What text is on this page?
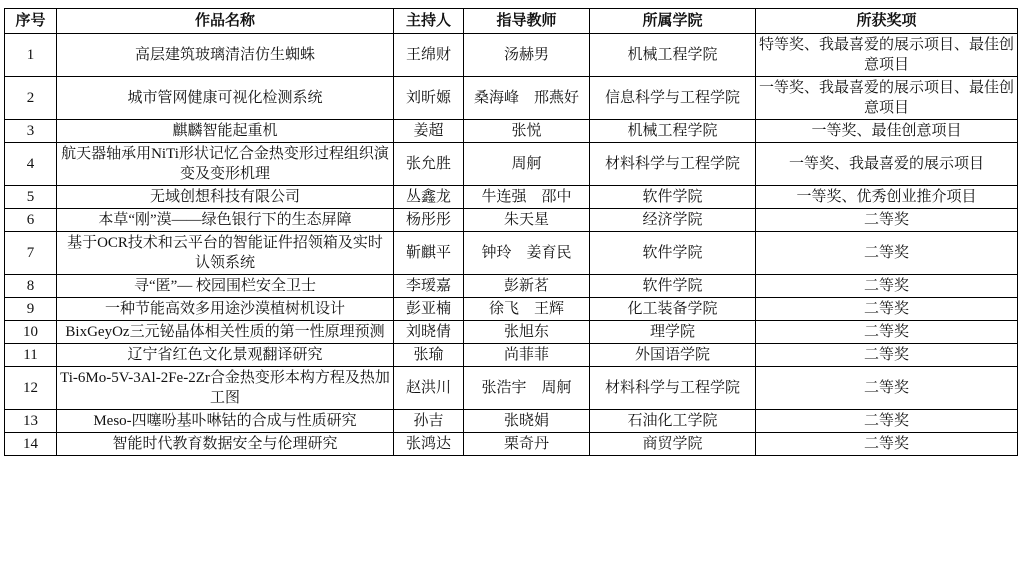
序号	作品名称	主持人	指导教师	所属学院	所获奖项
1	高层建筑玻璃清洁仿生蜘蛛	王绵财	汤赫男	机械工程学院	特等奖、我最喜爱的展示项目、最佳创意项目
2	城市管网健康可视化检测系统	刘昕嫄	桑海峰　邢燕好	信息科学与工程学院	一等奖、我最喜爱的展示项目、最佳创意项目
3	麒麟智能起重机	姜超	张悦	机械工程学院	一等奖、最佳创意项目
4	航天器轴承用NiTi形状记忆合金热变形过程组织演变及变形机理	张允胜	周舸	材料科学与工程学院	一等奖、我最喜爱的展示项目
5	无域创想科技有限公司	丛鑫龙	牛连强　邵中	软件学院	一等奖、优秀创业推介项目
6	本草“刚”漠——绿色银行下的生态屏障	杨彤彤	朱天星	经济学院	二等奖
7	基于OCR技术和云平台的智能证件招领箱及实时认领系统	靳麒平	钟玲　姜育民	软件学院	二等奖
8	寻“匿”— 校园围栏安全卫士	李瑷嘉	彭新茗	软件学院	二等奖
9	一种节能高效多用途沙漠植树机设计	彭亚楠	徐飞　王辉	化工装备学院	二等奖
10	BixGeyOz三元铋晶体相关性质的第一性原理预测	刘晓倩	张旭东	理学院	二等奖
11	辽宁省红色文化景观翻译研究	张瑜	尚菲菲	外国语学院	二等奖
12	Ti-6Mo-5V-3Al-2Fe-2Zr合金热变形本构方程及热加工图	赵洪川	张浩宇　周舸	材料科学与工程学院	二等奖
13	Meso-四噻吩基卟啉钴的合成与性质研究	孙吉	张晓娟	石油化工学院	二等奖
14	智能时代教育数据安全与伦理研究	张鸿达	栗奇丹	商贸学院	二等奖
